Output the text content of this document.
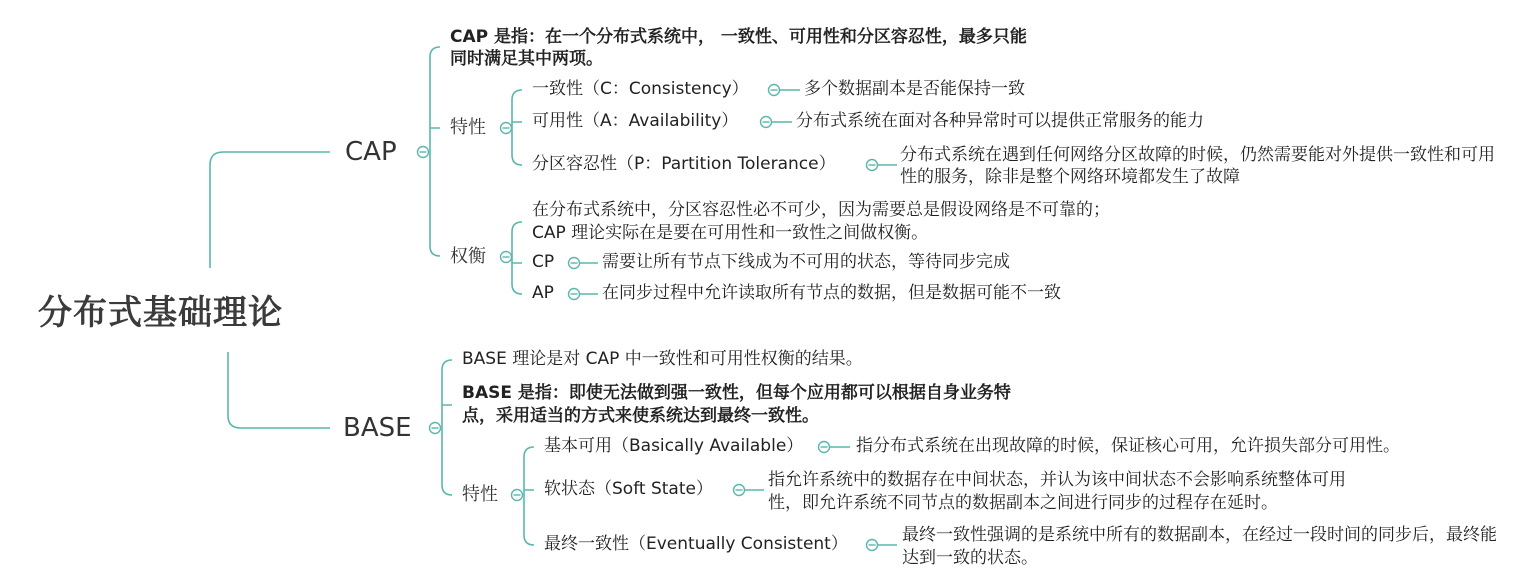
分布式基础理论
CAP
CAP 是指：在一个分布式系统中， 一致性、可用性和分区容忍性，最多只能同时满足其中两项。
特性
一致性（C：Consistency）	多个数据副本是否能保持一致
可用性（A：Availability）	分布式系统在面对各种异常时可以提供正常服务的能力
分区容忍性（P：Partition Tolerance）	分布式系统在遇到任何网络分区故障的时候，仍然需要能对外提供一致性和可用性的服务，除非是整个网络环境都发生了故障
权衡
在分布式系统中，分区容忍性必不可少，因为需要总是假设网络是不可靠的；CAP 理论实际在是要在可用性和一致性之间做权衡。
CP	需要让所有节点下线成为不可用的状态，等待同步完成
AP	在同步过程中允许读取所有节点的数据，但是数据可能不一致
BASE
BASE 理论是对 CAP 中一致性和可用性权衡的结果。
BASE 是指：即使无法做到强一致性，但每个应用都可以根据自身业务特点，采用适当的方式来使系统达到最终一致性。
特性
基本可用（Basically Available）	指分布式系统在出现故障的时候，保证核心可用，允许损失部分可用性。
软状态（Soft State）	指允许系统中的数据存在中间状态，并认为该中间状态不会影响系统整体可用性，即允许系统不同节点的数据副本之间进行同步的过程存在延时。
最终一致性（Eventually Consistent）	最终一致性强调的是系统中所有的数据副本，在经过一段时间的同步后，最终能达到一致的状态。
